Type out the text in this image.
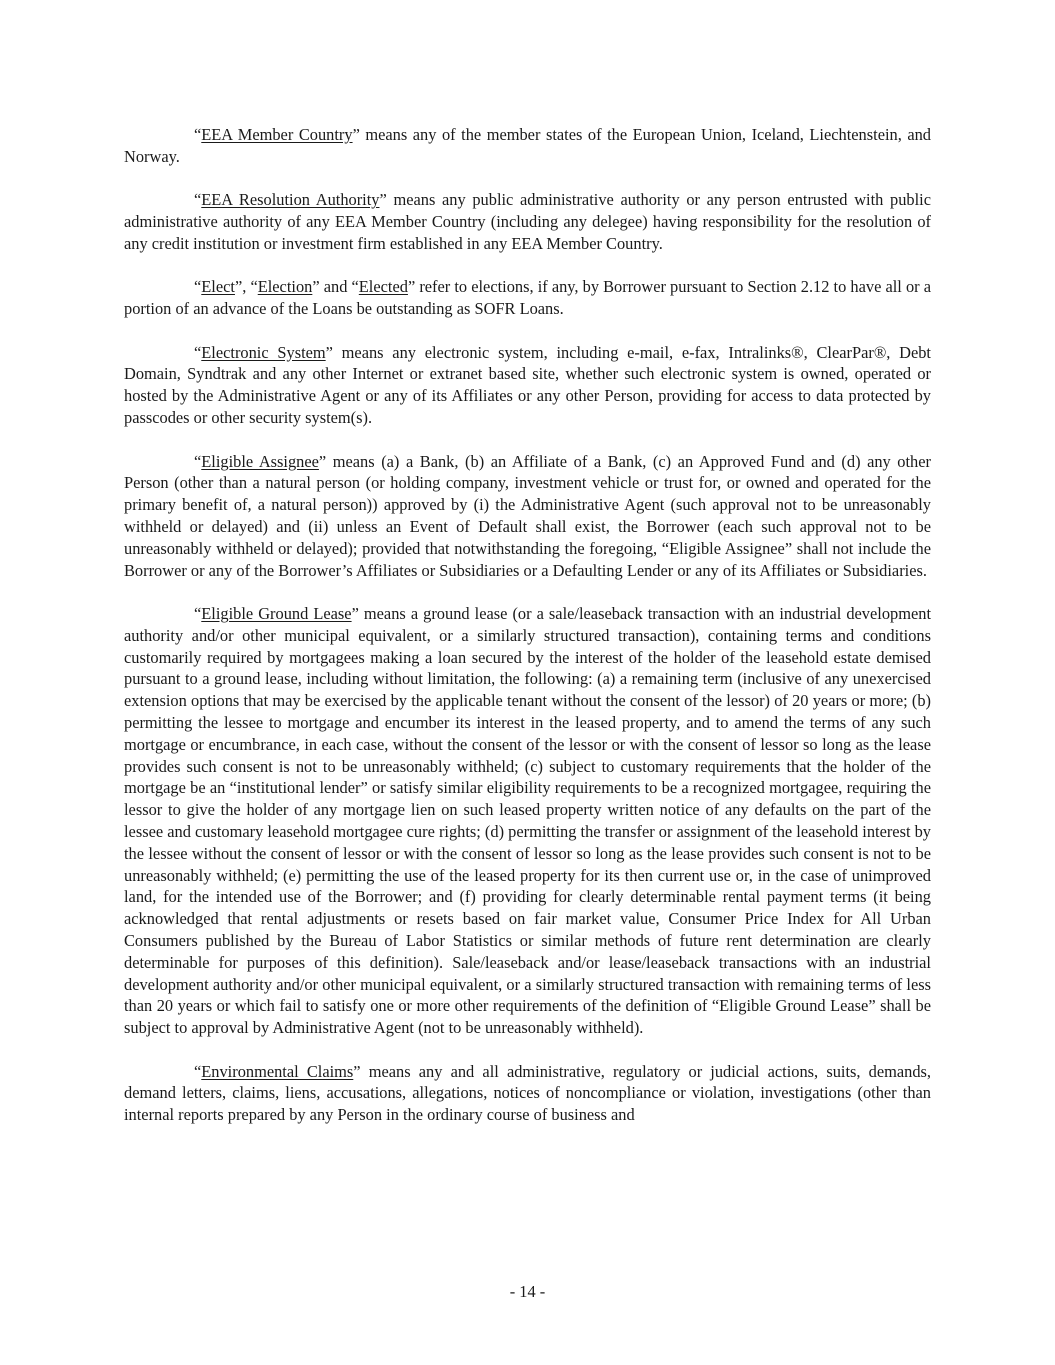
“EEA Member Country” means any of the member states of the European Union, Iceland, Liechtenstein, and Norway.

“EEA Resolution Authority” means any public administrative authority or any person entrusted with public administrative authority of any EEA Member Country (including any delegee) having responsibility for the resolution of any credit institution or investment firm established in any EEA Member Country.

“Elect”, “Election” and “Elected” refer to elections, if any, by Borrower pursuant to Section 2.12 to have all or a portion of an advance of the Loans be outstanding as SOFR Loans.

“Electronic System” means any electronic system, including e-mail, e-fax, Intralinks®, ClearPar®, Debt Domain, Syndtrak and any other Internet or extranet based site, whether such electronic system is owned, operated or hosted by the Administrative Agent or any of its Affiliates or any other Person, providing for access to data protected by passcodes or other security system(s).

“Eligible Assignee” means (a) a Bank, (b) an Affiliate of a Bank, (c) an Approved Fund and (d) any other Person (other than a natural person (or holding company, investment vehicle or trust for, or owned and operated for the primary benefit of, a natural person)) approved by (i) the Administrative Agent (such approval not to be unreasonably withheld or delayed) and (ii) unless an Event of Default shall exist, the Borrower (each such approval not to be unreasonably withheld or delayed); provided that notwithstanding the foregoing, “Eligible Assignee” shall not include the Borrower or any of the Borrower’s Affiliates or Subsidiaries or a Defaulting Lender or any of its Affiliates or Subsidiaries.

“Eligible Ground Lease” means a ground lease (or a sale/leaseback transaction with an industrial development authority and/or other municipal equivalent, or a similarly structured transaction), containing terms and conditions customarily required by mortgagees making a loan secured by the interest of the holder of the leasehold estate demised pursuant to a ground lease, including without limitation, the following: (a) a remaining term (inclusive of any unexercised extension options that may be exercised by the applicable tenant without the consent of the lessor) of 20 years or more; (b) permitting the lessee to mortgage and encumber its interest in the leased property, and to amend the terms of any such mortgage or encumbrance, in each case, without the consent of the lessor or with the consent of lessor so long as the lease provides such consent is not to be unreasonably withheld; (c) subject to customary requirements that the holder of the mortgage be an “institutional lender” or satisfy similar eligibility requirements to be a recognized mortgagee, requiring the lessor to give the holder of any mortgage lien on such leased property written notice of any defaults on the part of the lessee and customary leasehold mortgagee cure rights; (d) permitting the transfer or assignment of the leasehold interest by the lessee without the consent of lessor or with the consent of lessor so long as the lease provides such consent is not to be unreasonably withheld; (e) permitting the use of the leased property for its then current use or, in the case of unimproved land, for the intended use of the Borrower; and (f) providing for clearly determinable rental payment terms (it being acknowledged that rental adjustments or resets based on fair market value, Consumer Price Index for All Urban Consumers published by the Bureau of Labor Statistics or similar methods of future rent determination are clearly determinable for purposes of this definition). Sale/leaseback and/or lease/leaseback transactions with an industrial development authority and/or other municipal equivalent, or a similarly structured transaction with remaining terms of less than 20 years or which fail to satisfy one or more other requirements of the definition of “Eligible Ground Lease” shall be subject to approval by Administrative Agent (not to be unreasonably withheld).

“Environmental Claims” means any and all administrative, regulatory or judicial actions, suits, demands, demand letters, claims, liens, accusations, allegations, notices of noncompliance or violation, investigations (other than internal reports prepared by any Person in the ordinary course of business and

- 14 -
